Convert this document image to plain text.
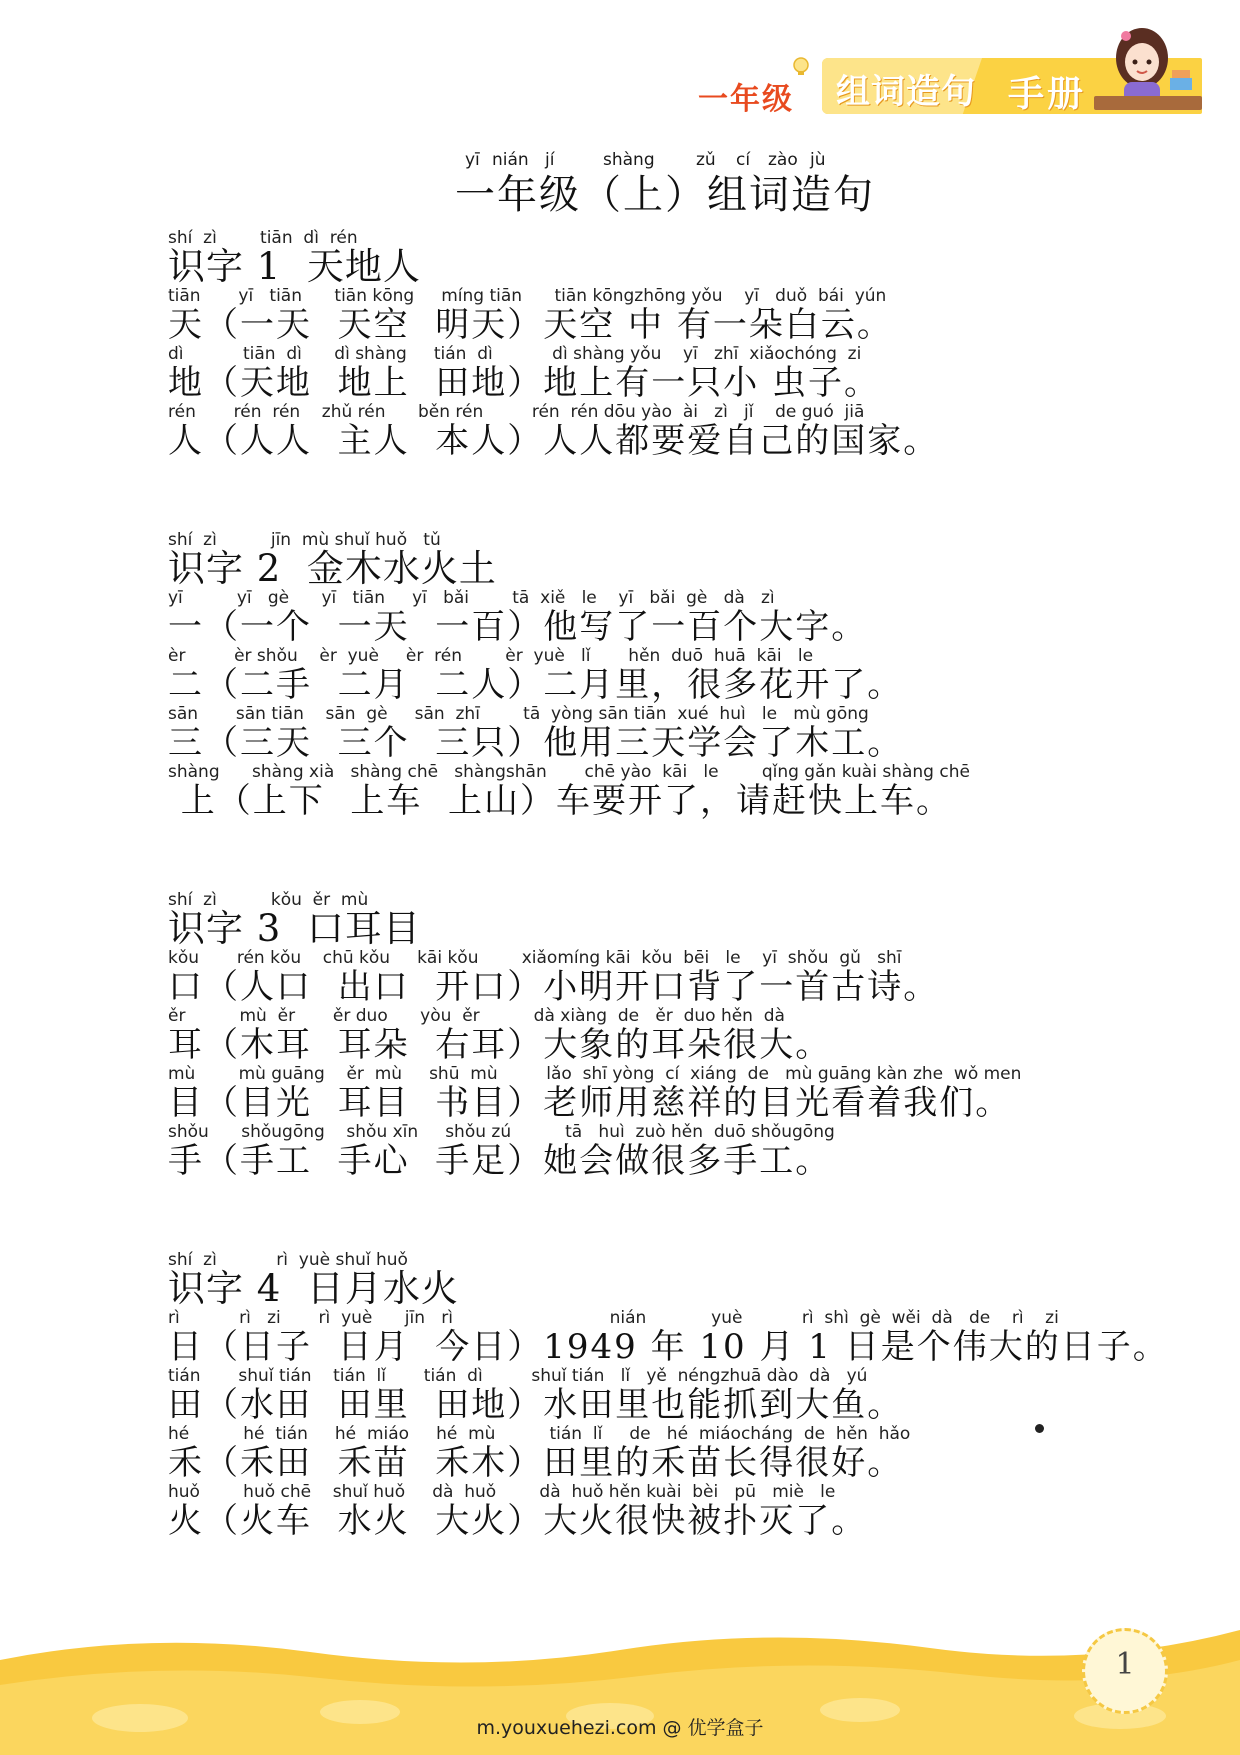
一年级 组词造句 手册
yī nián jí	shàng zǔ cí zào jù
一年级（上）组词造句
shí  zì        tiān  dì  rén
识字 1  天地人
tiān       yī   tiān      tiān kōng     míng tiān      tiān kōngzhōng yǒu    yī   duǒ  bái  yún
天（一天  天空  明天）天空 中 有一朵白云。
dì           tiān  dì      dì shàng     tián  dì           dì shàng yǒu    yī   zhī  xiǎochóng  zi
地（天地  地上  田地）地上有一只小 虫子。
rén       rén  rén    zhǔ rén      běn rén         rén  rén dōu yào  ài   zì   jǐ    de guó  jiā
人（人人  主人  本人）人人都要爱自己的国家。
shí  zì          jīn  mù shuǐ huǒ   tǔ
识字 2  金木水火土
yī          yī   gè      yī   tiān     yī   bǎi        tā  xiě   le    yī   bǎi  gè   dà   zì
一（一个  一天  一百）他写了一百个大字。
èr         èr shǒu    èr  yuè     èr  rén        èr  yuè   lǐ       hěn  duō  huā  kāi   le
二（二手  二月  二人）二月里，很多花开了。
sān       sān tiān    sān  gè     sān  zhī        tā  yòng sān tiān  xué  huì   le   mù gōng
三（三天  三个  三只）他用三天学会了木工。
shàng      shàng xià   shàng chē   shàngshān       chē yào  kāi   le        qǐng gǎn kuài shàng chē
上（上下  上车  上山）车要开了，请赶快上车。
shí  zì          kǒu  ěr  mù
识字 3  口耳目
kǒu       rén kǒu    chū kǒu     kāi kǒu        xiǎomíng kāi  kǒu  bēi   le    yī  shǒu  gǔ   shī
口（人口  出口  开口）小明开口背了一首古诗。
ěr          mù  ěr       ěr duo      yòu  ěr          dà xiàng  de   ěr  duo hěn  dà
耳（木耳  耳朵  右耳）大象的耳朵很大。
mù        mù guāng    ěr  mù     shū  mù         lǎo  shī yòng  cí  xiáng  de   mù guāng kàn zhe  wǒ men
目（目光  耳目  书目）老师用慈祥的目光看着我们。
shǒu      shǒugōng    shǒu xīn     shǒu zú          tā   huì  zuò hěn  duō shǒugōng
手（手工  手心  手足）她会做很多手工。
shí  zì           rì  yuè shuǐ huǒ
识字 4  日月水火
rì           rì   zi       rì  yuè      jīn   rì                             nián            yuè           rì  shì  gè  wěi  dà   de    rì    zi
日（日子  日月  今日）1949 年 10 月 1 日是个伟大的日子。
tián       shuǐ tián    tián  lǐ       tián  dì         shuǐ tián   lǐ   yě  néngzhuā dào  dà   yú
田（水田  田里  田地）水田里也能抓到大鱼。
hé          hé  tián     hé  miáo     hé  mù          tián  lǐ     de   hé  miáocháng  de  hěn  hǎo
禾（禾田  禾苗  禾木）田里的禾苗长得很好。
huǒ        huǒ chē    shuǐ huǒ     dà  huǒ        dà  huǒ hěn kuài  bèi   pū   miè   le
火（火车  水火  大火）大火很快被扑灭了。
1
m.youxuehezi.com @ 优学盒子
